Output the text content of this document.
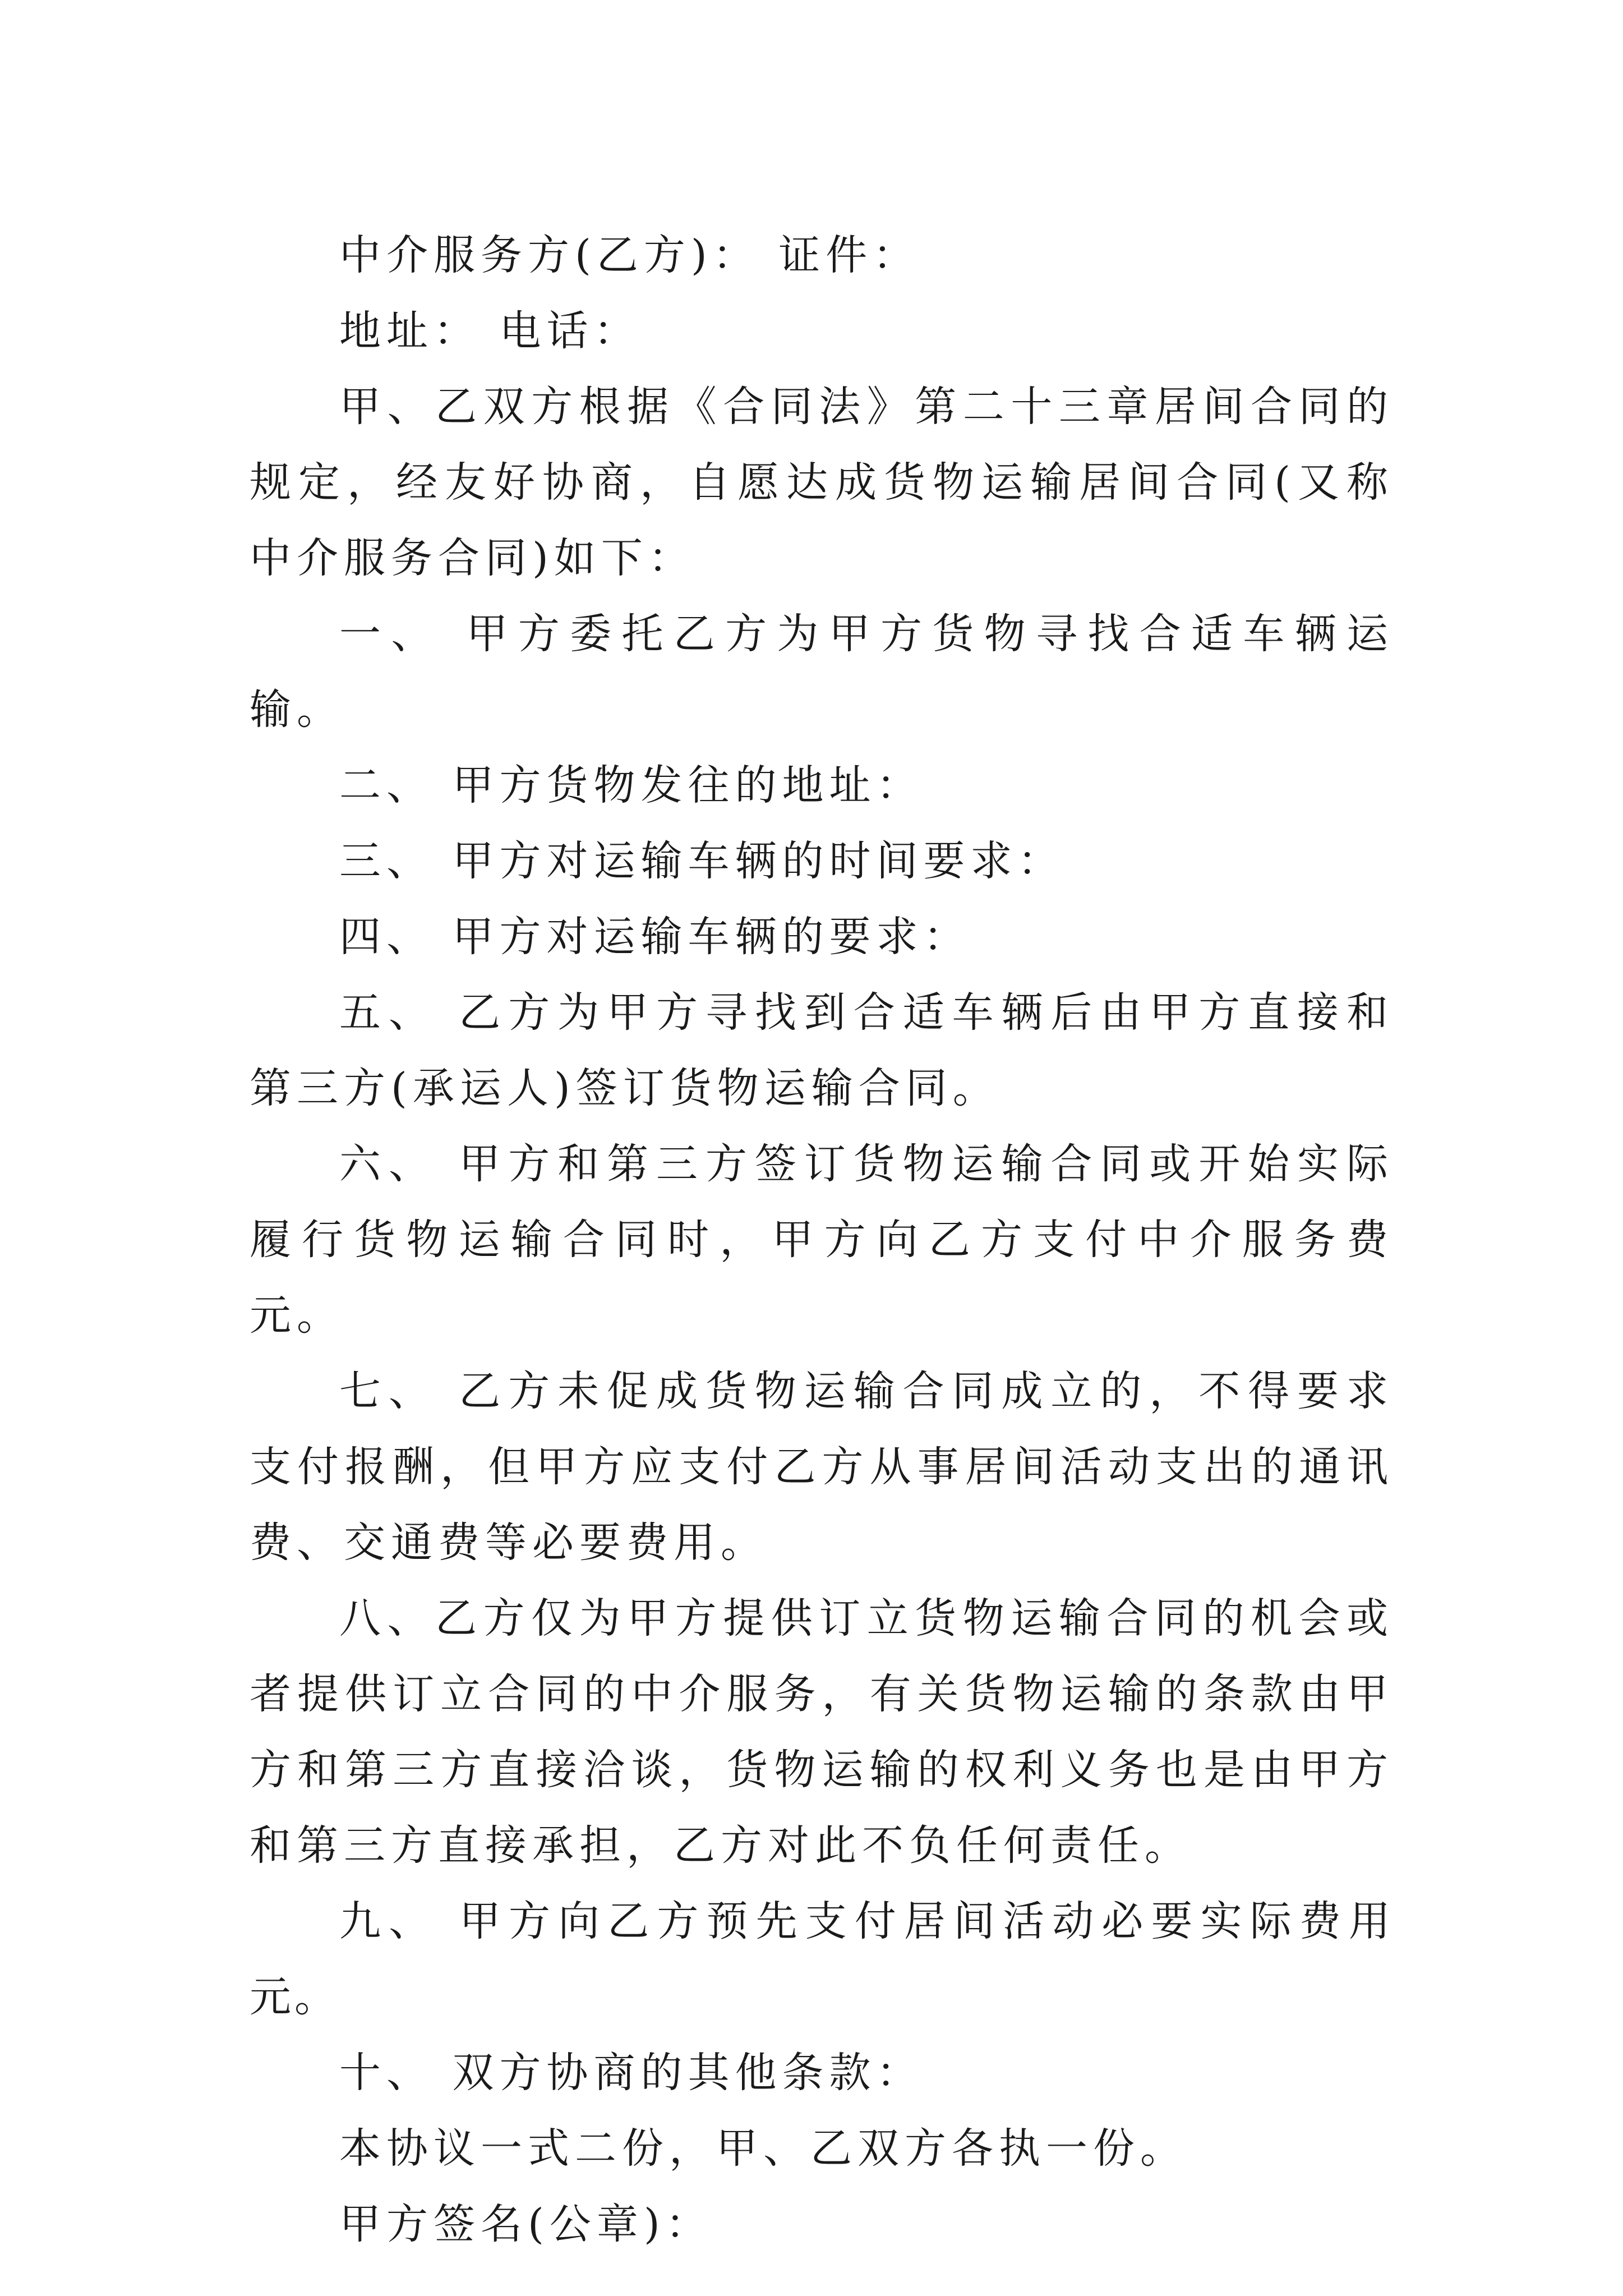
中介服务方(乙方)： 证件：

地址： 电话：

甲、乙双方根据《合同法》第二十三章居间合同的规定，经友好协商，自愿达成货物运输居间合同(又称中介服务合同)如下：

一、 甲方委托乙方为甲方货物寻找合适车辆运输。

二、 甲方货物发往的地址：

三、 甲方对运输车辆的时间要求：

四、 甲方对运输车辆的要求：

五、 乙方为甲方寻找到合适车辆后由甲方直接和第三方(承运人)签订货物运输合同。

六、 甲方和第三方签订货物运输合同或开始实际履行货物运输合同时，甲方向乙方支付中介服务费 元。

七、 乙方未促成货物运输合同成立的，不得要求支付报酬，但甲方应支付乙方从事居间活动支出的通讯费、交通费等必要费用。

八、乙方仅为甲方提供订立货物运输合同的机会或者提供订立合同的中介服务，有关货物运输的条款由甲方和第三方直接洽谈，货物运输的权利义务也是由甲方和第三方直接承担，乙方对此不负任何责任。

九、 甲方向乙方预先支付居间活动必要实际费用 元。

十、 双方协商的其他条款：

本协议一式二份，甲、乙双方各执一份。

甲方签名(公章)：
